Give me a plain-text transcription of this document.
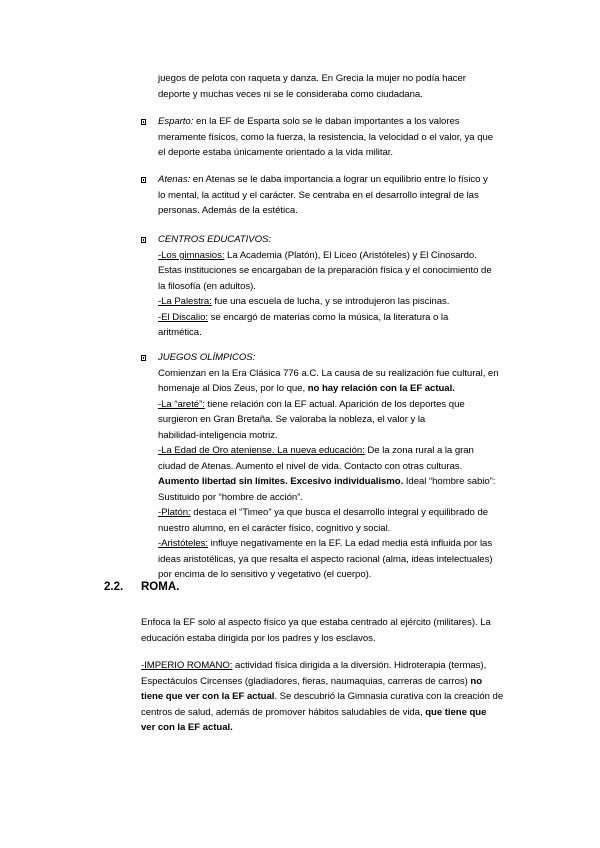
juegos de pelota con raqueta y danza. En Grecia la mujer no podía hacer
deporte y muchas veces ni se le consideraba como ciudadana.
Esparto: en la EF de Esparta solo se le daban importantes a los valores
meramente físicos, como la fuerza, la resistencia, la velocidad o el valor, ya que
el deporte estaba únicamente orientado a la vida militar.
Atenas: en Atenas se le daba importancia a lograr un equilibrio entre lo físico y
lo mental, la actitud y el carácter. Se centraba en el desarrollo integral de las
personas. Además de la estética.
CENTROS EDUCATIVOS:
-Los gimnasios: La Academia (Platón), El Liceo (Aristóteles) y El Cinosardo.
Estas instituciones se encargaban de la preparación física y el conocimiento de
la filosofía (en adultos).
-La Palestra: fue una escuela de lucha, y se introdujeron las piscinas.
-El Discalio: se encargó de materias como la música, la literatura o la
aritmética.
JUEGOS OLÍMPICOS:
Comienzan en la Era Clásica 776 a.C. La causa de su realización fue cultural, en
homenaje al Dios Zeus, por lo que, no hay relación con la EF actual.
-La “areté”: tiene relación con la EF actual. Aparición de los deportes que
surgieron en Gran Bretaña. Se valoraba la nobleza, el valor y la
habilidad-inteligencia motriz.
-La Edad de Oro ateniense. La nueva educación: De la zona rural a la gran
ciudad de Atenas. Aumento el nivel de vida. Contacto con otras culturas.
Aumento libertad sin límites. Excesivo individualismo. Ideal “hombre sabio”:
Sustituido por “hombre de acción”.
-Platón: destaca el “Timeo” ya que busca el desarrollo integral y equilibrado de
nuestro alumno, en el carácter físico, cognitivo y social.
-Aristóteles: influye negativamente en la EF. La edad media está influida por las
ideas aristotélicas, ya que resalta el aspecto racional (alma, ideas intelectuales)
por encima de lo sensitivo y vegetativo (el cuerpo).
2.2. ROMA.
Enfoca la EF solo al aspecto físico ya que estaba centrado al ejército (militares). La
educación estaba dirigida por los padres y los esclavos.
-IMPERIO ROMANO: actividad física dirigida a la diversión. Hidroterapia (termas),
Espectáculos Circenses (gladiadores, fieras, naumaquias, carreras de carros) no
tiene que ver con la EF actual. Se descubrió la Gimnasia curativa con la creación de
centros de salud, además de promover hábitos saludables de vida, que tiene que
ver con la EF actual.
